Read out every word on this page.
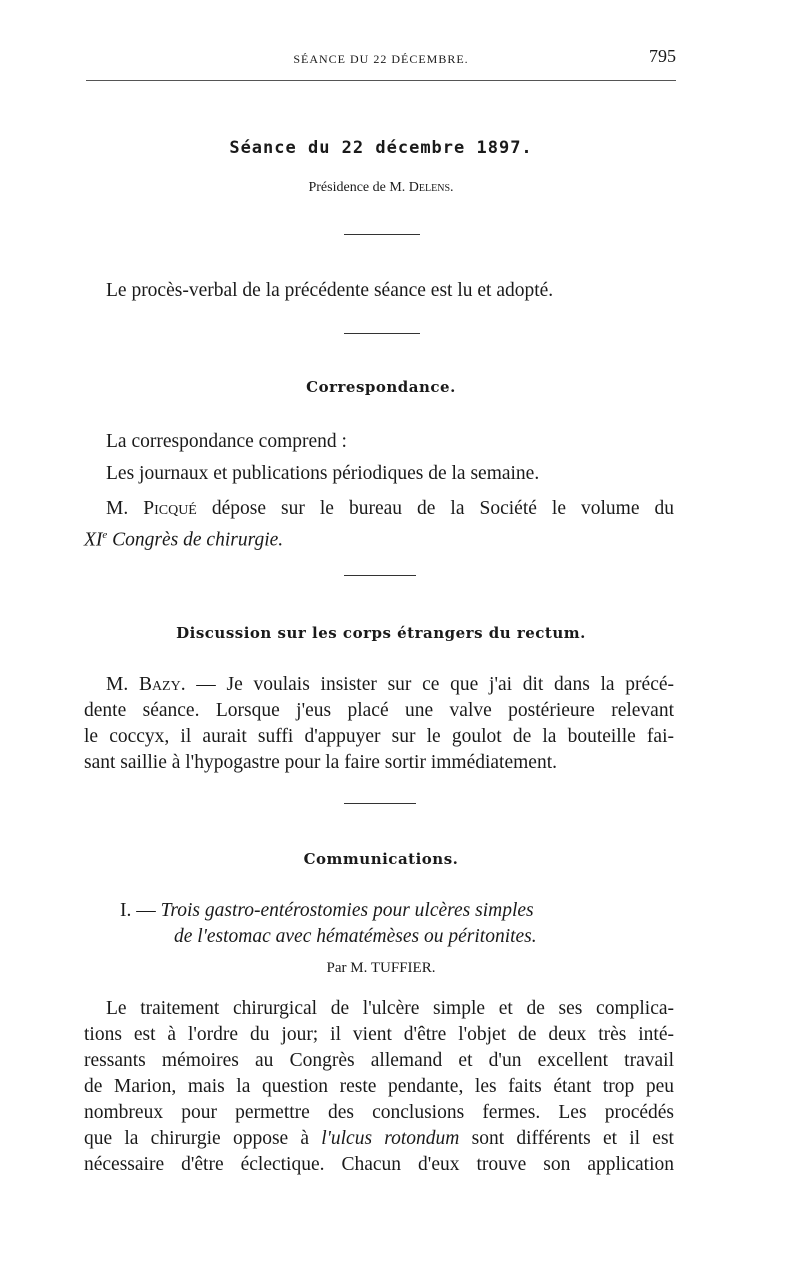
SÉANCE DU 22 DÉCEMBRE.	795
Séance du 22 décembre 1897.
Présidence de M. Delens.
Le procès-verbal de la précédente séance est lu et adopté.
Correspondance.
La correspondance comprend :
Les journaux et publications périodiques de la semaine.
M. Picqué dépose sur le bureau de la Société le volume du
XIe Congrès de chirurgie.
Discussion sur les corps étrangers du rectum.
M. Bazy. — Je voulais insister sur ce que j'ai dit dans la précé-
dente séance. Lorsque j'eus placé une valve postérieure relevant
le coccyx, il aurait suffi d'appuyer sur le goulot de la bouteille fai-
sant saillie à l'hypogastre pour la faire sortir immédiatement.
Communications.
I. — Trois gastro-entérostomies pour ulcères simples
de l'estomac avec hématémèses ou péritonites.
Par M. TUFFIER.
Le traitement chirurgical de l'ulcère simple et de ses complica-
tions est à l'ordre du jour; il vient d'être l'objet de deux très inté-
ressants mémoires au Congrès allemand et d'un excellent travail
de Marion, mais la question reste pendante, les faits étant trop peu
nombreux pour permettre des conclusions fermes. Les procédés
que la chirurgie oppose à l'ulcus rotondum sont différents et il est
nécessaire d'être éclectique. Chacun d'eux trouve son application
